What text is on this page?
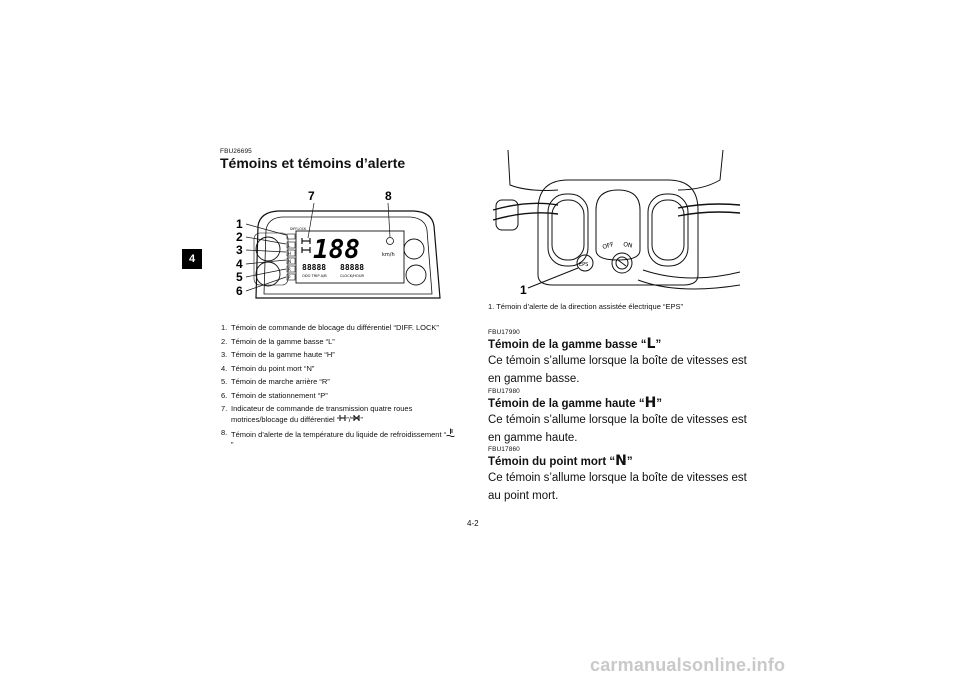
4
FBU26695
Témoins et témoins d’alerte
L
H
N
R
P
DIFF.LOCK
188	km/h
88888 88888
ODO TRIP A/B	CLOCK/HOUR
7	8
1
2
3
4
5
6
1. Témoin de commande de blocage du différentiel “DIFF. LOCK”
2. Témoin de la gamme basse “L”
3. Témoin de la gamme haute “H”
4. Témoin du point mort “N”
5. Témoin de marche arrière “R”
6. Témoin de stationnement “P”
7. Indicateur de commande de transmission quatre roues motrices/blocage du différentiel “ ”/“ ”
8. Témoin d’alerte de la température du liquide de refroidissement “”
EPS
OFF ON
1
1. Témoin d’alerte de la direction assistée électrique “EPS”
FBU17990
Témoin de la gamme basse “L”
Ce témoin s’allume lorsque la boîte de vitesses est en gamme basse.
FBU17980
Témoin de la gamme haute “H”
Ce témoin s’allume lorsque la boîte de vitesses est en gamme haute.
FBU17860
Témoin du point mort “N”
Ce témoin s’allume lorsque la boîte de vitesses est au point mort.
4-2
carmanualsonline.info
